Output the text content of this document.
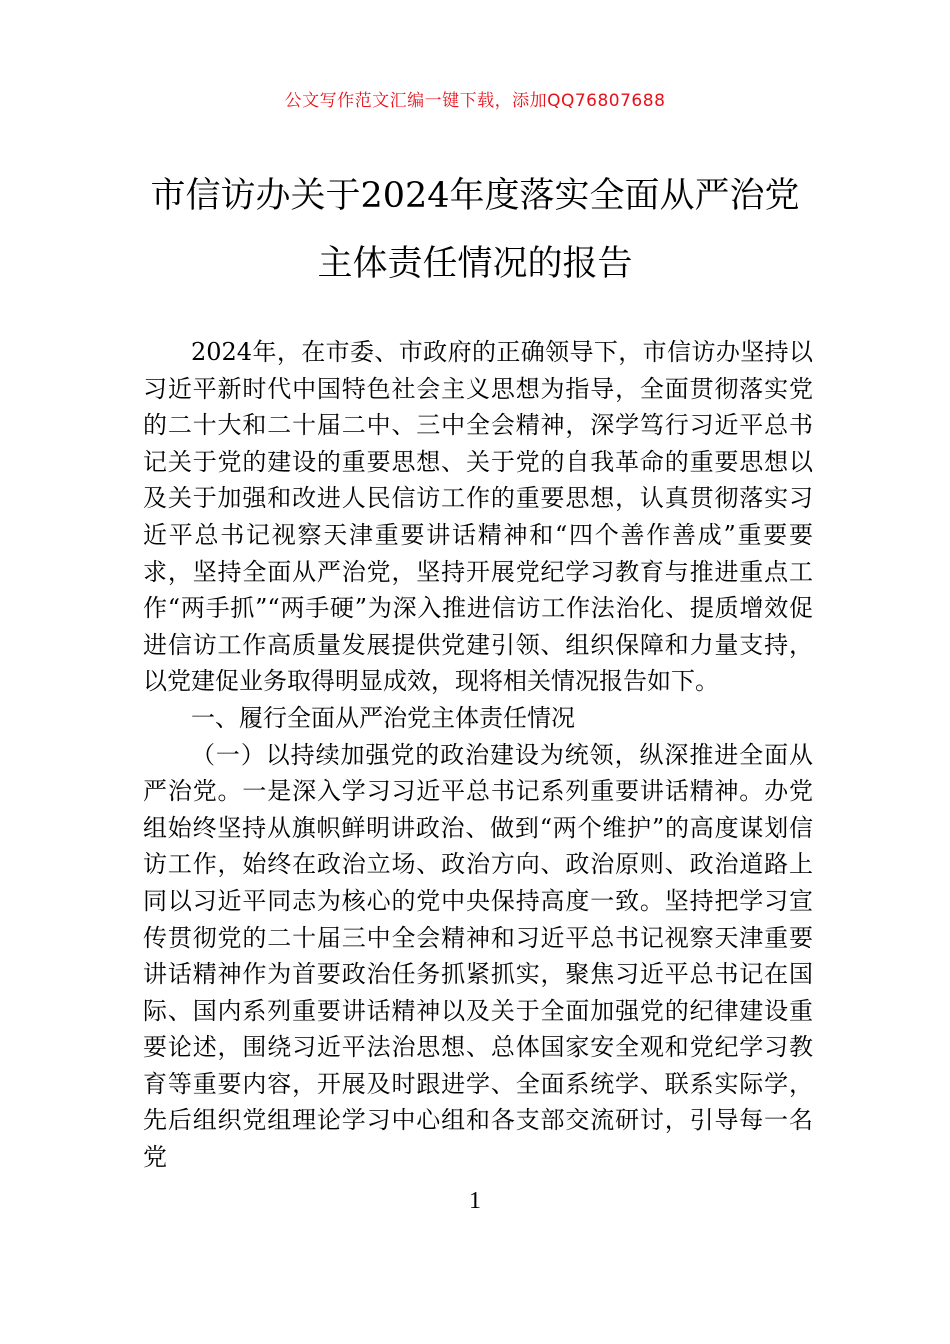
公文写作范文汇编一键下载，添加QQ76807688
市信访办关于2024年度落实全面从严治党
主体责任情况的报告

2024年，在市委、市政府的正确领导下，市信访办坚持以习近平新时代中国特色社会主义思想为指导，全面贯彻落实党的二十大和二十届二中、三中全会精神，深学笃行习近平总书记关于党的建设的重要思想、关于党的自我革命的重要思想以及关于加强和改进人民信访工作的重要思想，认真贯彻落实习近平总书记视察天津重要讲话精神和“四个善作善成”重要要求，坚持全面从严治党，坚持开展党纪学习教育与推进重点工作“两手抓”“两手硬”为深入推进信访工作法治化、提质增效促进信访工作高质量发展提供党建引领、组织保障和力量支持，以党建促业务取得明显成效，现将相关情况报告如下。

一、履行全面从严治党主体责任情况

（一）以持续加强党的政治建设为统领，纵深推进全面从严治党。一是深入学习习近平总书记系列重要讲话精神。办党组始终坚持从旗帜鲜明讲政治、做到“两个维护”的高度谋划信访工作，始终在政治立场、政治方向、政治原则、政治道路上同以习近平同志为核心的党中央保持高度一致。坚持把学习宣传贯彻党的二十届三中全会精神和习近平总书记视察天津重要讲话精神作为首要政治任务抓紧抓实，聚焦习近平总书记在国际、国内系列重要讲话精神以及关于全面加强党的纪律建设重要论述，围绕习近平法治思想、总体国家安全观和党纪学习教育等重要内容，开展及时跟进学、全面系统学、联系实际学，先后组织党组理论学习中心组和各支部交流研讨，引导每一名党

1
